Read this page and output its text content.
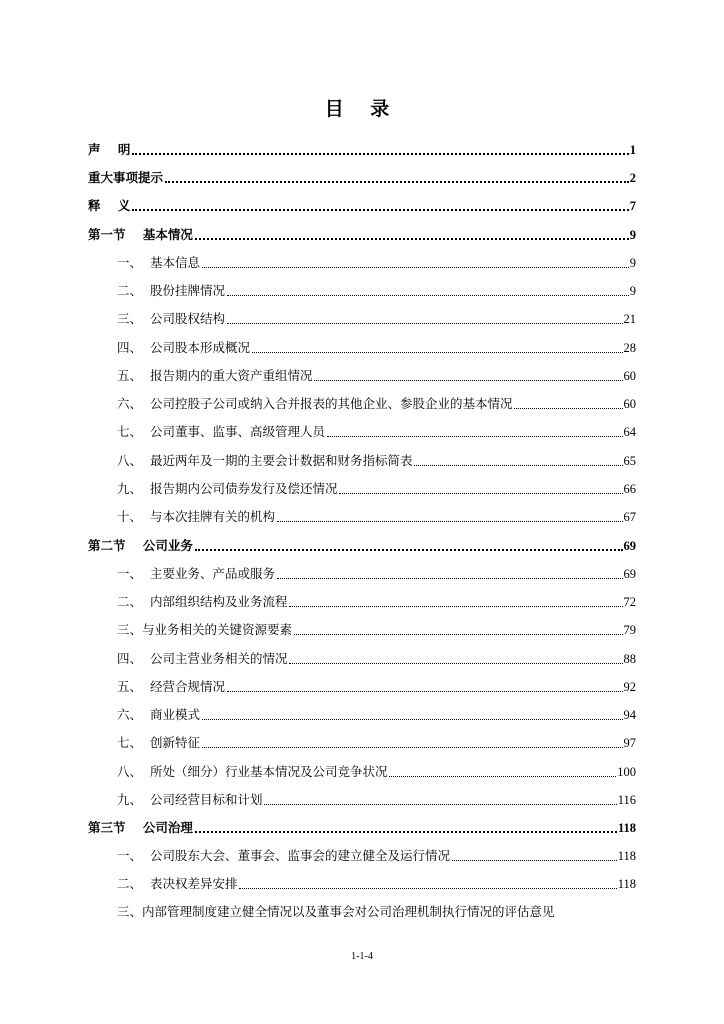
目 录
声    明	1
重大事项提示	2
释    义	7
第一节    基本情况	9
一、  基本信息	9
二、  股份挂牌情况	9
三、  公司股权结构	21
四、  公司股本形成概况	28
五、  报告期内的重大资产重组情况	60
六、  公司控股子公司或纳入合并报表的其他企业、参股企业的基本情况	60
七、  公司董事、监事、高级管理人员	64
八、  最近两年及一期的主要会计数据和财务指标简表	65
九、  报告期内公司债券发行及偿还情况	66
十、  与本次挂牌有关的机构	67
第二节    公司业务	69
一、  主要业务、产品或服务	69
二、  内部组织结构及业务流程	72
三、与业务相关的关键资源要素	79
四、  公司主营业务相关的情况	88
五、  经营合规情况	92
六、  商业模式	94
七、  创新特征	97
八、  所处（细分）行业基本情况及公司竞争状况	100
九、  公司经营目标和计划	116
第三节    公司治理	118
一、  公司股东大会、董事会、监事会的建立健全及运行情况	118
二、  表决权差异安排	118
三、内部管理制度建立健全情况以及董事会对公司治理机制执行情况的评估意见
1-1-4
